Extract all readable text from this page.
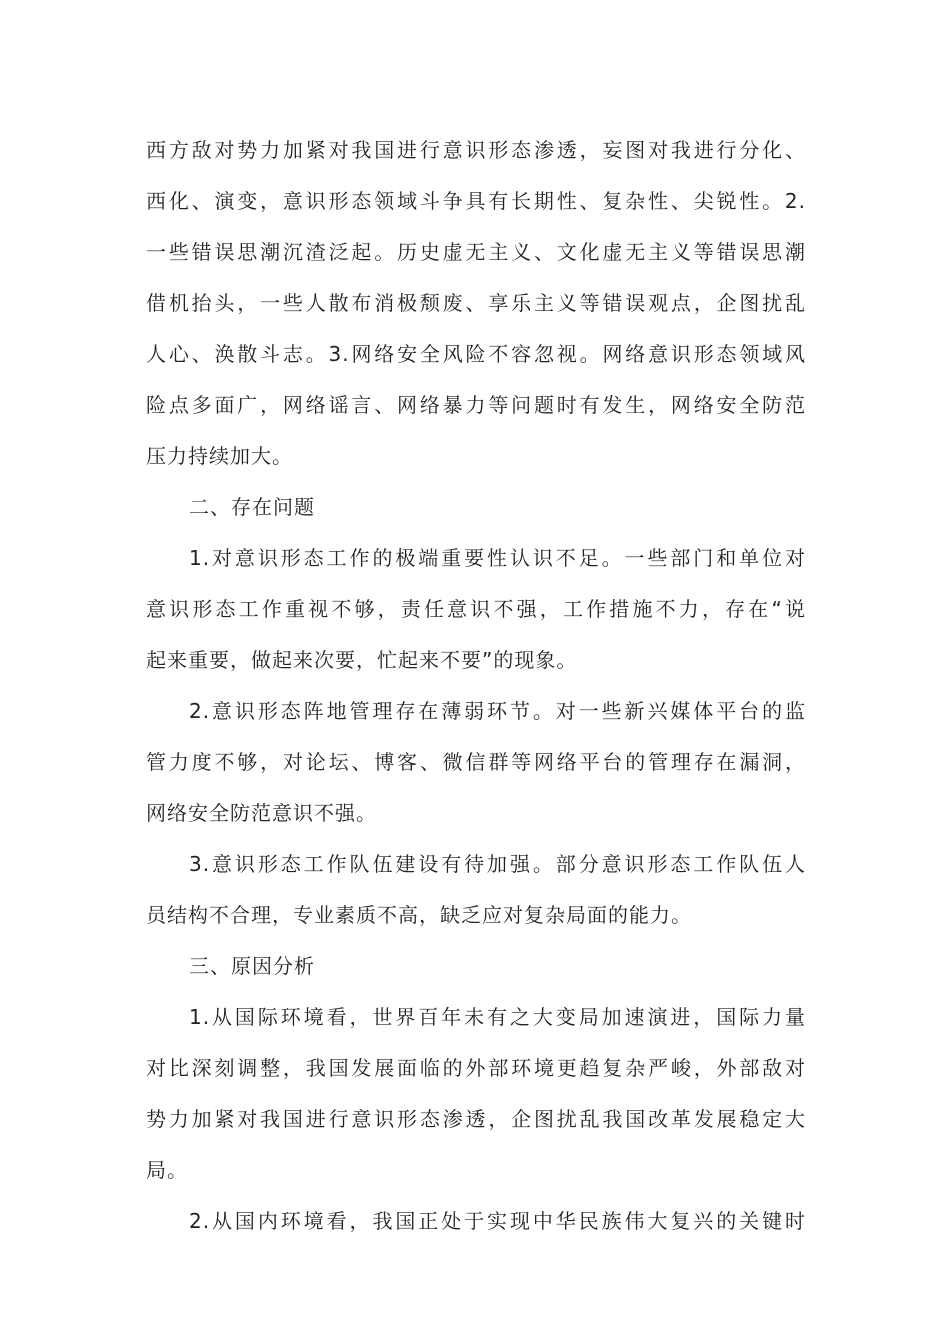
西方敌对势力加紧对我国进行意识形态渗透，妄图对我进行分化、
西化、演变，意识形态领域斗争具有长期性、复杂性、尖锐性。2.
一些错误思潮沉渣泛起。历史虚无主义、文化虚无主义等错误思潮
借机抬头，一些人散布消极颓废、享乐主义等错误观点，企图扰乱
人心、涣散斗志。3.网络安全风险不容忽视。网络意识形态领域风
险点多面广，网络谣言、网络暴力等问题时有发生，网络安全防范
压力持续加大。
二、存在问题
1.对意识形态工作的极端重要性认识不足。一些部门和单位对
意识形态工作重视不够，责任意识不强，工作措施不力，存在“说
起来重要，做起来次要，忙起来不要”的现象。
2.意识形态阵地管理存在薄弱环节。对一些新兴媒体平台的监
管力度不够，对论坛、博客、微信群等网络平台的管理存在漏洞，
网络安全防范意识不强。
3.意识形态工作队伍建设有待加强。部分意识形态工作队伍人
员结构不合理，专业素质不高，缺乏应对复杂局面的能力。
三、原因分析
1.从国际环境看，世界百年未有之大变局加速演进，国际力量
对比深刻调整，我国发展面临的外部环境更趋复杂严峻，外部敌对
势力加紧对我国进行意识形态渗透，企图扰乱我国改革发展稳定大
局。
2.从国内环境看，我国正处于实现中华民族伟大复兴的关键时
